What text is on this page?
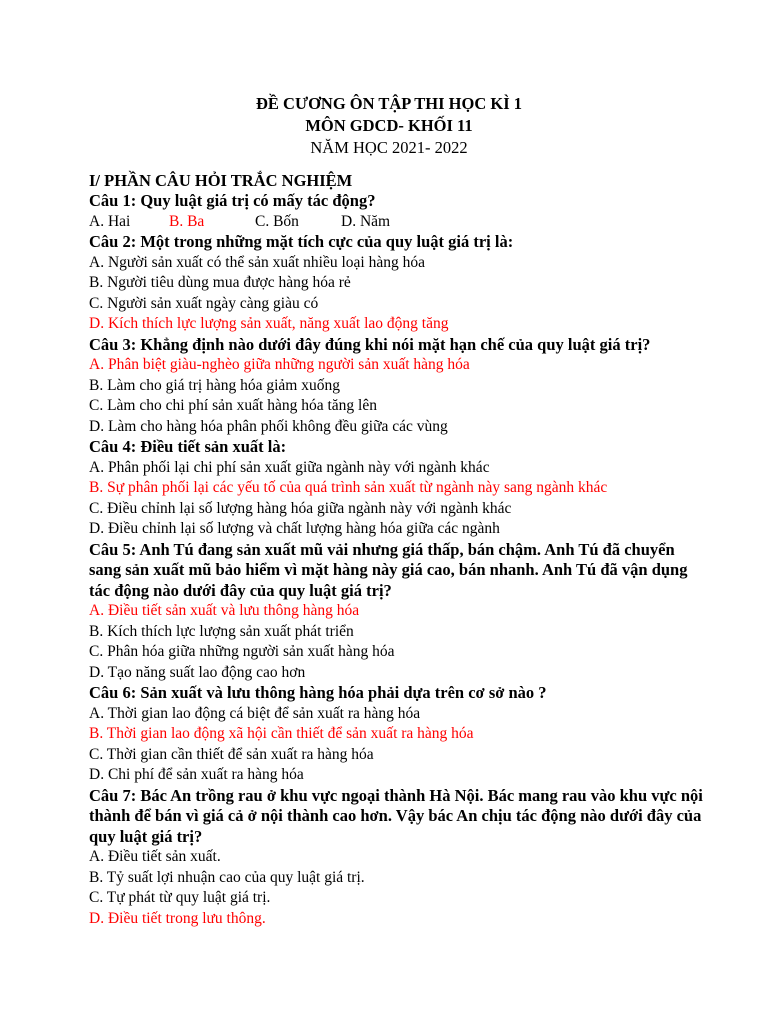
ĐỀ CƯƠNG ÔN TẬP THI HỌC KÌ 1
MÔN GDCD- KHỐI 11
NĂM HỌC 2021- 2022
I/ PHẦN CÂU HỎI TRẮC NGHIỆM
Câu 1: Quy luật giá trị có mấy tác động?
A. Hai	B. Ba	C. Bốn	D. Năm
Câu 2: Một trong những mặt tích cực của quy luật giá trị là:
A. Người sản xuất có thể sản xuất nhiều loại hàng hóa
B. Người tiêu dùng mua được hàng hóa rẻ
C. Người sản xuất ngày càng giàu có
D. Kích thích lực lượng sản xuất, năng xuất lao động tăng
Câu 3: Khẳng định nào dưới đây đúng khi nói mặt hạn chế của quy luật giá trị?
A. Phân biệt giàu-nghèo giữa những người sản xuất hàng hóa
B. Làm cho giá trị hàng hóa giảm xuống
C. Làm cho chi phí sản xuất hàng hóa tăng lên
D. Làm cho hàng hóa phân phối không đều giữa các vùng
Câu 4: Điều tiết sản xuất là:
A. Phân phối lại chi phí sản xuất giữa ngành này với ngành khác
B. Sự phân phối lại các yếu tố của quá trình sản xuất từ ngành này sang ngành khác
C. Điều chỉnh lại số lượng hàng hóa giữa ngành này với ngành khác
D. Điều chỉnh lại số lượng và chất lượng hàng hóa giữa các ngành
Câu 5: Anh Tú đang sản xuất mũ vải nhưng giá thấp, bán chậm. Anh Tú đã chuyển sang sản xuất mũ bảo hiểm vì mặt hàng này giá cao, bán nhanh. Anh Tú đã vận dụng tác động nào dưới đây của quy luật giá trị?
A. Điều tiết sản xuất và lưu thông hàng hóa
B. Kích thích lực lượng sản xuất phát triển
C. Phân hóa giữa những người sản xuất hàng hóa
D. Tạo năng suất lao động cao hơn
Câu 6: Sản xuất và lưu thông hàng hóa phải dựa trên cơ sở nào ?
A. Thời gian lao động cá biệt để sản xuất ra hàng hóa
B. Thời gian lao động xã hội cần thiết để sản xuất ra hàng hóa
C. Thời gian cần thiết để sản xuất ra hàng hóa
D. Chi phí để sản xuất ra hàng hóa
Câu 7: Bác An trồng rau ở khu vực ngoại thành Hà Nội. Bác mang rau vào khu vực nội thành để bán vì giá cả ở nội thành cao hơn. Vậy bác An chịu tác động nào dưới đây của quy luật giá trị?
A. Điều tiết sản xuất.
B. Tỷ suất lợi nhuận cao của quy luật giá trị.
C. Tự phát từ quy luật giá trị.
D. Điều tiết trong lưu thông.
